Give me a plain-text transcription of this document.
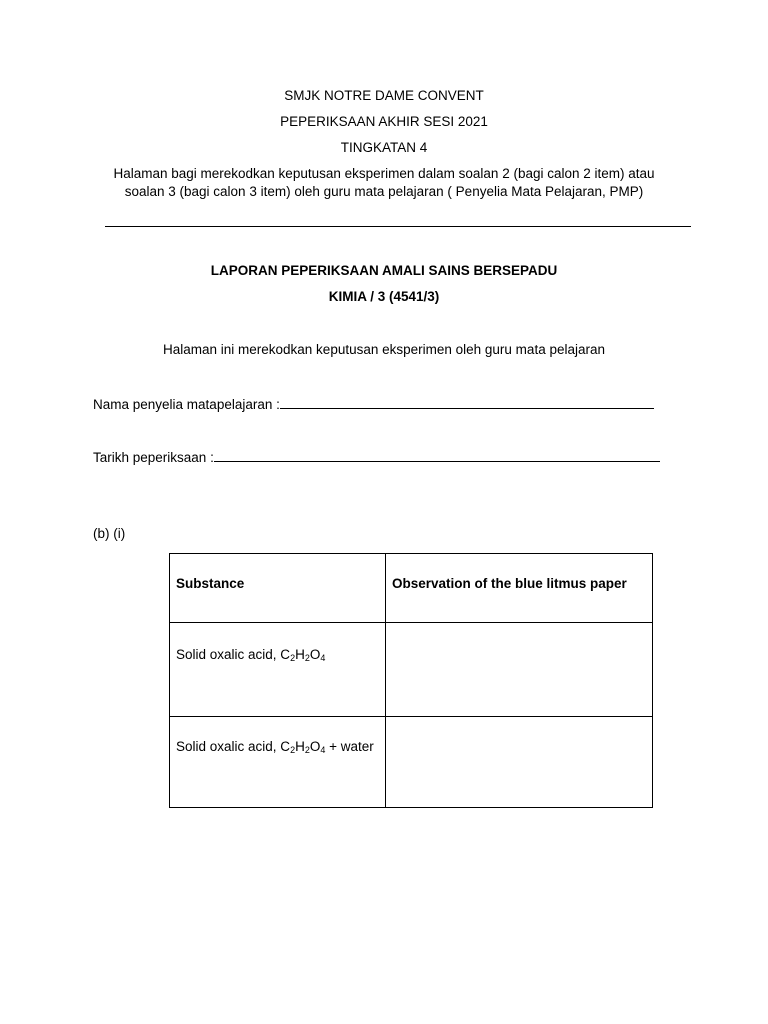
SMJK NOTRE DAME CONVENT
PEPERIKSAAN AKHIR SESI 2021
TINGKATAN 4
Halaman bagi merekodkan keputusan eksperimen dalam soalan 2 (bagi calon 2 item) atau
soalan 3 (bagi calon 3 item) oleh guru mata pelajaran ( Penyelia Mata Pelajaran, PMP)
LAPORAN PEPERIKSAAN AMALI SAINS BERSEPADU
KIMIA / 3 (4541/3)
Halaman ini merekodkan keputusan eksperimen oleh guru mata pelajaran
Nama penyelia matapelajaran :
Tarikh peperiksaan :
(b) (i)
Substance	Observation of the blue litmus paper
Solid oxalic acid, $C_2H_2O_4$	
Solid oxalic acid, $C_2H_2O_4$ + water	
